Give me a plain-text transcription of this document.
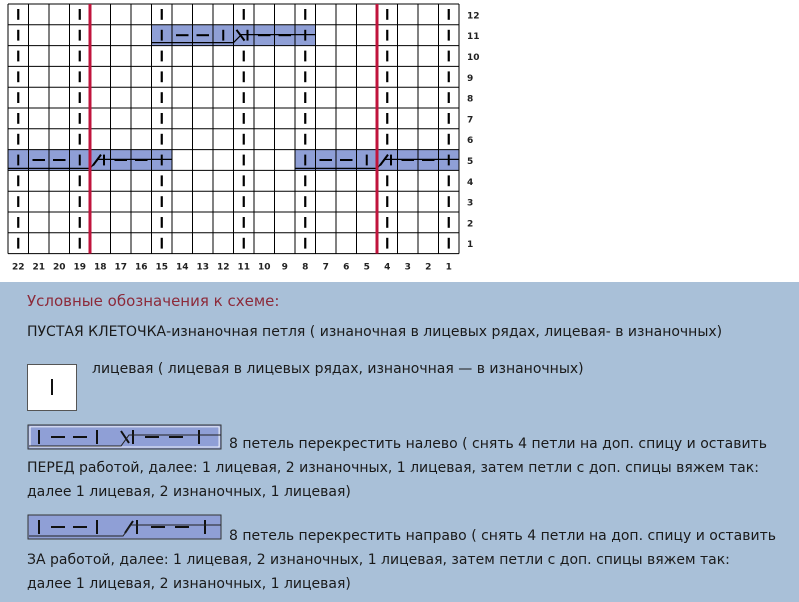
1
2
3
4
5
6
7
8
9
10
11
12
22 21 20 19 18 17 16 15 14 13 12 11 10 9 8 7 6 5 4 3 2 1
Условные обозначения к схеме:
ПУСТАЯ КЛЕТОЧКА-изнаночная петля ( изнаночная в лицевых рядах, лицевая- в изнаночных)
лицевая ( лицевая в лицевых рядах, изнаночная — в изнаночных)
8 петель перекрестить налево ( снять 4 петли на доп. спицу и оставить
ПЕРЕД работой, далее: 1 лицевая, 2 изнаночных, 1 лицевая, затем петли с доп. спицы вяжем так:
далее 1 лицевая, 2 изнаночных, 1 лицевая)
8 петель перекрестить направо ( снять 4 петли на доп. спицу и оставить
ЗА работой, далее: 1 лицевая, 2 изнаночных, 1 лицевая, затем петли с доп. спицы вяжем так:
далее 1 лицевая, 2 изнаночных, 1 лицевая)
